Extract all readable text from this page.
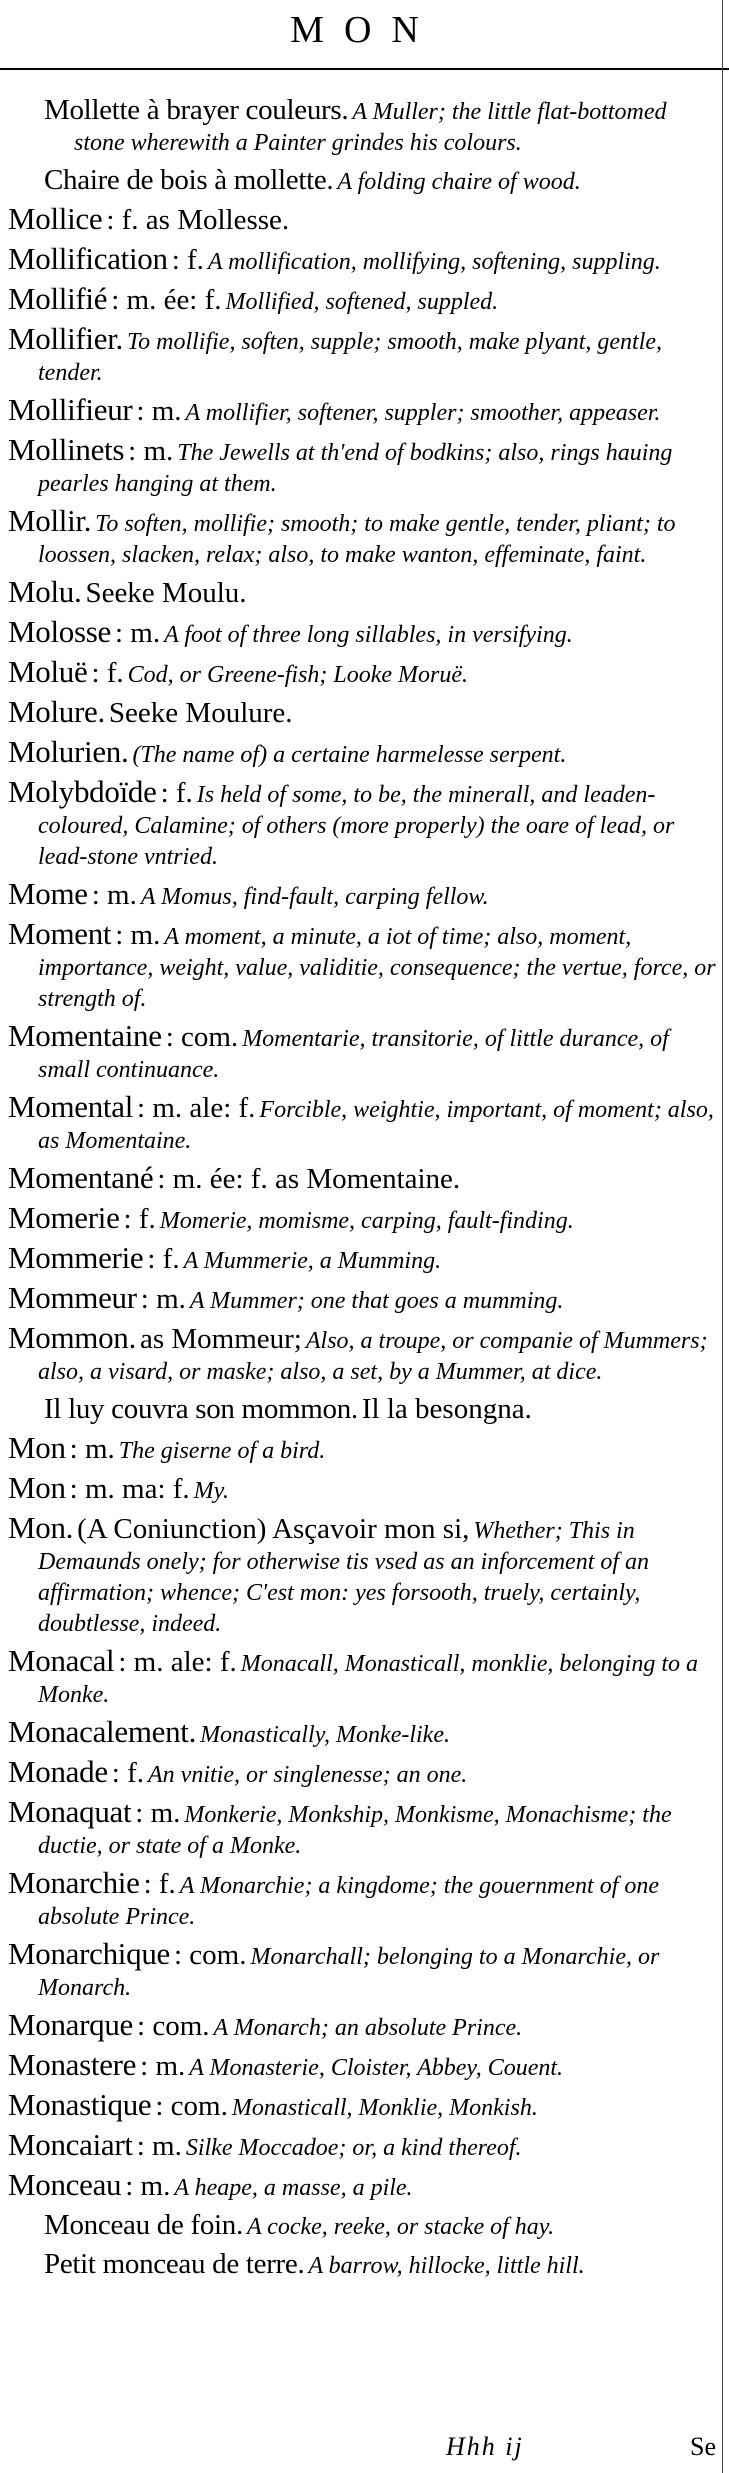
MON

Mollette à brayer couleurs. A Muller; the little flat-bottomed stone wherewith a Painter grindes his colours.

Chaire de bois à mollette. A folding chaire of wood.

Mollice : f. as Mollesse.

Mollification : f. A mollification, mollifying, softening, suppling.

Mollifié : m. ée: f. Mollified, softened, suppled.

Mollifier. To mollifie, soften, supple; smooth, make plyant, gentle, tender.

Mollifieur : m. A mollifier, softener, suppler; smoother, appeaser.

Mollinets : m. The Jewells at th'end of bodkins; also, rings hauing pearles hanging at them.

Mollir. To soften, mollifie; smooth; to make gentle, tender, pliant; to loossen, slacken, relax; also, to make wanton, effeminate, faint.

Molu. Seeke Moulu.

Molosse : m. A foot of three long sillables, in versifying.

Moluë : f. Cod, or Greene-fish; Looke Moruë.

Molure. Seeke Moulure.

Molurien. (The name of) a certaine harmelesse serpent.

Molybdoïde : f. Is held of some, to be, the minerall, and leaden-coloured, Calamine; of others (more properly) the oare of lead, or lead-stone vntried.

Mome : m. A Momus, find-fault, carping fellow.

Moment : m. A moment, a minute, a iot of time; also, moment, importance, weight, value, validitie, consequence; the vertue, force, or strength of.

Momentaine : com. Momentarie, transitorie, of little durance, of small continuance.

Momental : m. ale: f. Forcible, weightie, important, of moment; also, as Momentaine.

Momentané : m. ée: f. as Momentaine.

Momerie : f. Momerie, momisme, carping, fault-finding.

Mommerie : f. A Mummerie, a Mumming.

Mommeur : m. A Mummer; one that goes a mumming.

Mommon. as Mommeur; Also, a troupe, or companie of Mummers; also, a visard, or maske; also, a set, by a Mummer, at dice.

Il luy couvra son mommon. Il la besongna.

Mon : m. The giserne of a bird.

Mon : m. ma: f. My.

Mon. (A Coniunction) Asçavoir mon si, Whether; This in Demaunds onely; for otherwise tis vsed as an inforcement of an affirmation; whence; C'est mon: yes forsooth, truely, certainly, doubtlesse, indeed.

Monacal : m. ale: f. Monacall, Monasticall, monklie, belonging to a Monke.

Monacalement. Monastically, Monke-like.

Monade : f. An vnitie, or singlenesse; an one.

Monaquat : m. Monkerie, Monkship, Monkisme, Monachisme; the ductie, or state of a Monke.

Monarchie : f. A Monarchie; a kingdome; the gouernment of one absolute Prince.

Monarchique : com. Monarchall; belonging to a Monarchie, or Monarch.

Monarque : com. A Monarch; an absolute Prince.

Monastere : m. A Monasterie, Cloister, Abbey, Couent.

Monastique : com. Monasticall, Monklie, Monkish.

Moncaiart : m. Silke Moccadoe; or, a kind thereof.

Monceau : m. A heape, a masse, a pile.

Monceau de foin. A cocke, reeke, or stacke of hay.

Petit monceau de terre. A barrow, hillocke, little hill.

Hhh ij	Se
